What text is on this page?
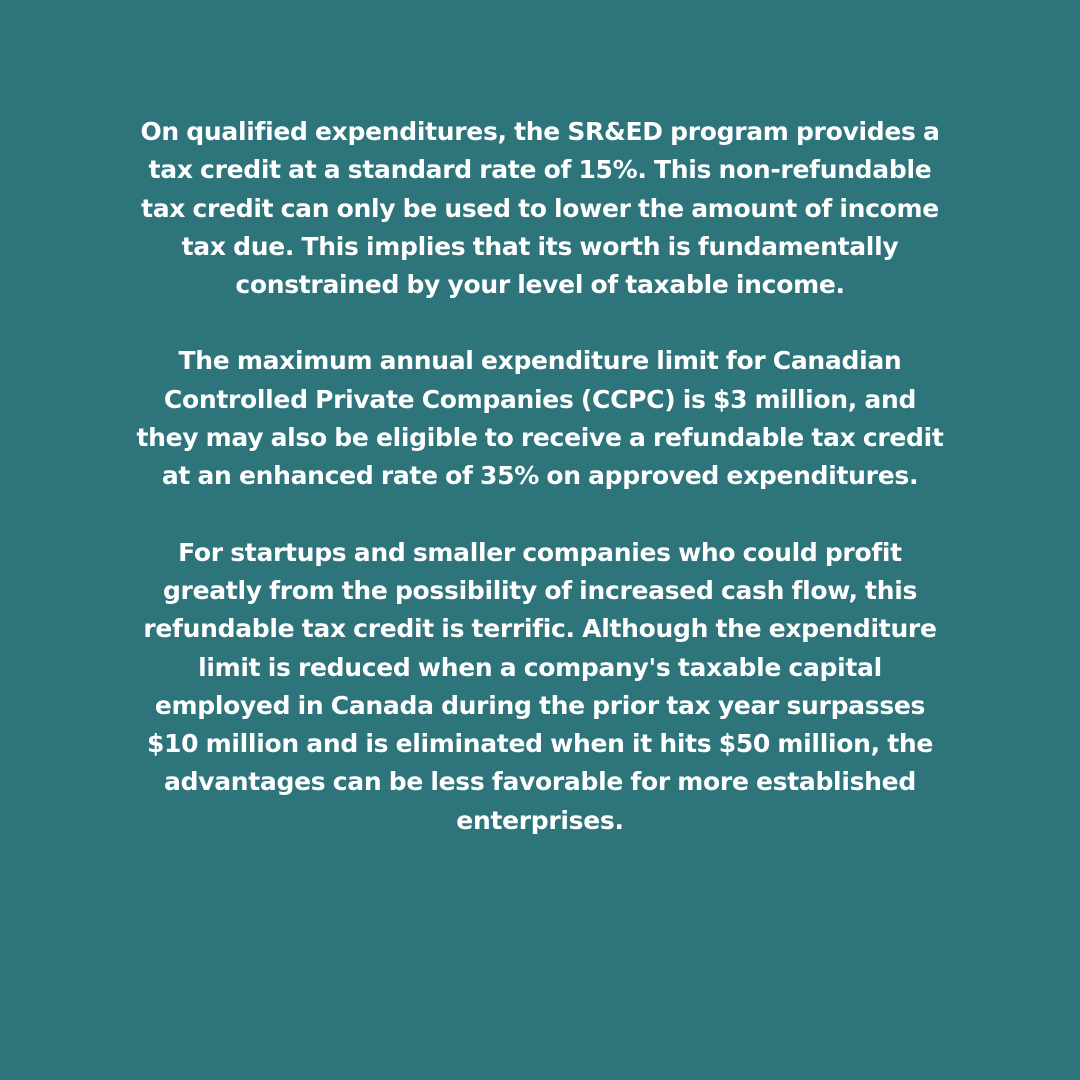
On qualified expenditures, the SR&ED program provides a tax credit at a standard rate of 15%. This non-refundable tax credit can only be used to lower the amount of income tax due. This implies that its worth is fundamentally constrained by your level of taxable income.

The maximum annual expenditure limit for Canadian Controlled Private Companies (CCPC) is $3 million, and they may also be eligible to receive a refundable tax credit at an enhanced rate of 35% on approved expenditures.

For startups and smaller companies who could profit greatly from the possibility of increased cash flow, this refundable tax credit is terrific. Although the expenditure limit is reduced when a company's taxable capital employed in Canada during the prior tax year surpasses $10 million and is eliminated when it hits $50 million, the advantages can be less favorable for more established enterprises.
